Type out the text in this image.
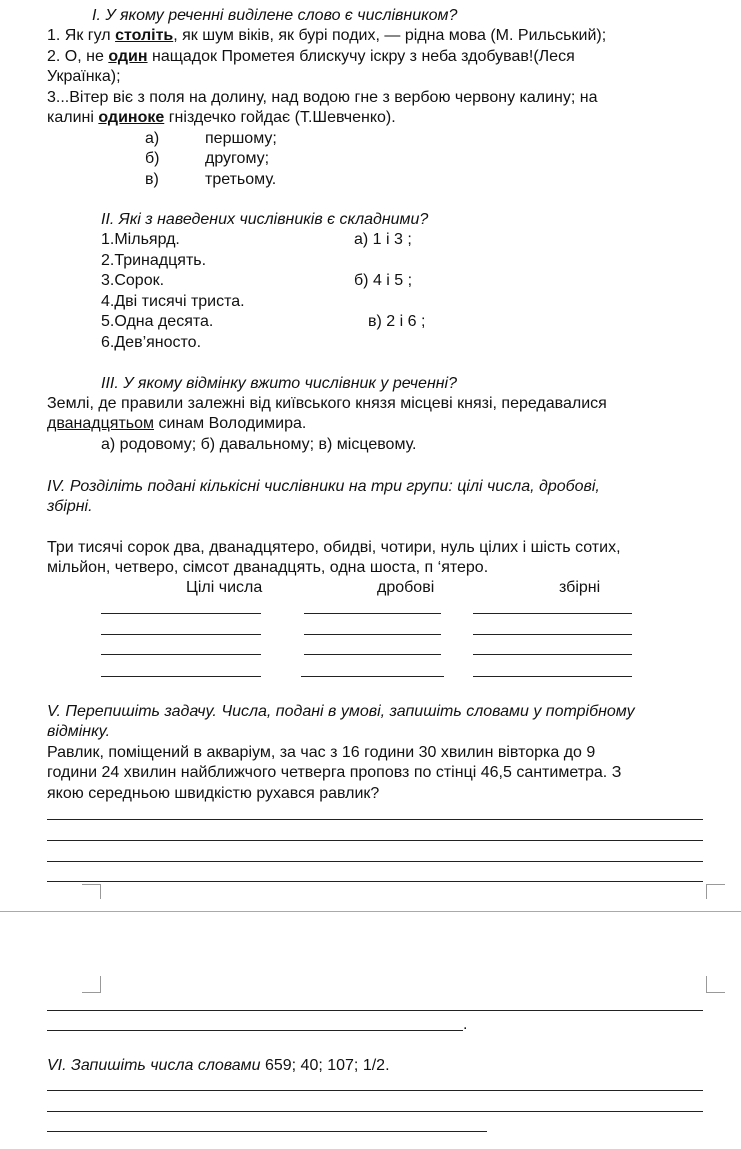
I. У якому реченні виділене слово є числівником?
1. Як гул століть, як шум віків, як бурі подих, — рідна мова (М. Рильський);
2. О, не один нащадок Прометея блискучу іскру з неба здобував!(Леся
Українка);
3...Вітер віє з поля на долину, над водою гне з вербою червону калину; на
калині одиноке гніздечко гойдає (Т.Шевченко).
а)	першому;
б)	другому;
в)	третьому.
II. Які з наведених числівників є складними?
1.Мільярд.
2.Тринадцять.
3.Сорок.
4.Дві тисячі триста.
5.Одна десята.
6.Дев’яносто.
а) 1 і 3 ;
б) 4 і 5 ;
в) 2 і 6 ;
III. У якому відмінку вжито числівник у реченні?
Землі, де правили залежні від київського князя місцеві князі, передавалися
дванадцятьом синам Володимира.
а) родовому; б) давальному; в) місцевому.
IV. Розділіть подані кількісні числівники на три групи: цілі числа, дробові,
збірні.
Три тисячі сорок два, дванадцятеро, обидві, чотири, нуль цілих і шість сотих,
мільйон, четверо, сімсот дванадцять, одна шоста, п ‘ятеро.
Цілі числа	дробові	збірні
V. Перепишіть задачу. Числа, подані в умові, запишіть словами у потрібному
відмінку.
Равлик, поміщений в акваріум, за час з 16 години 30 хвилин вівторка до 9
години 24 хвилин найближчого четверга проповз по стінці 46,5 сантиметра. З
якою середньою швидкістю рухався равлик?
.
VI. Запишіть числа словами 659; 40; 107; 1/2.
